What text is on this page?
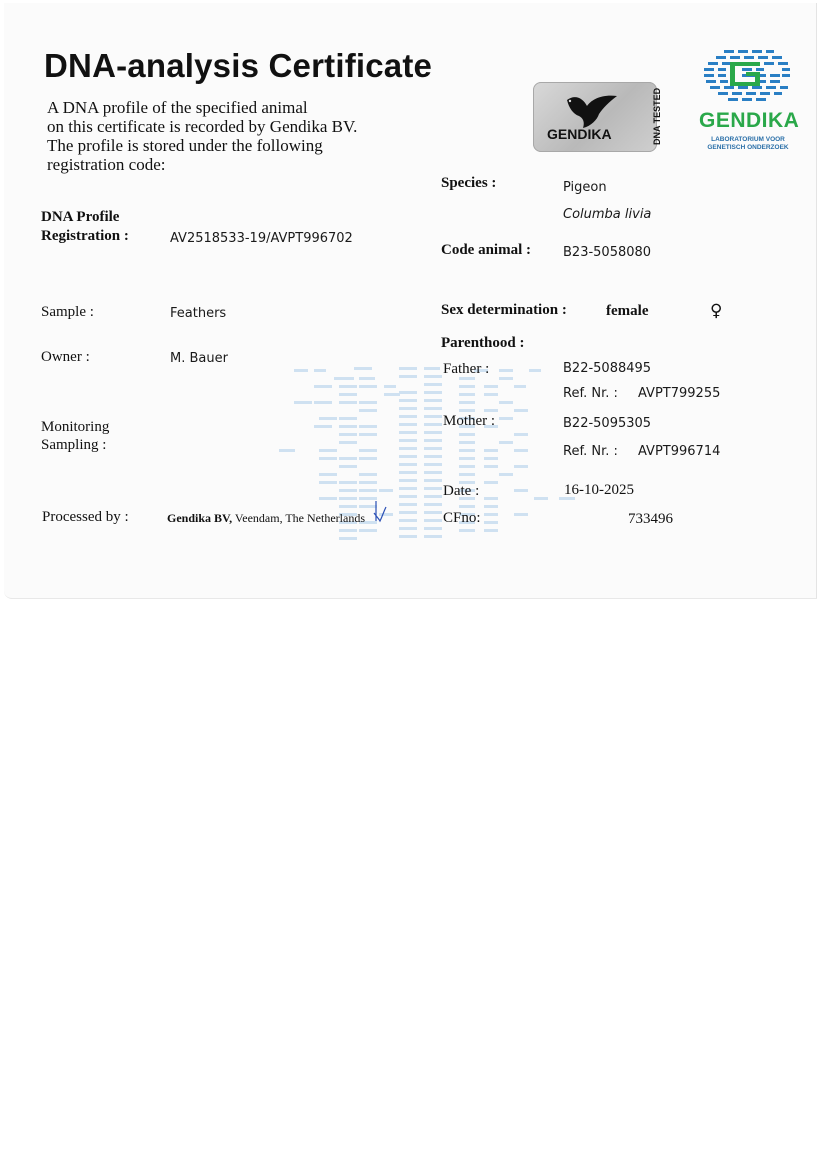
DNA-analysis Certificate
A DNA profile of the specified animal
on this certificate is recorded by Gendika BV.
The profile is stored under the following
registration code:
GENDIKA	DNA TESTED GENDIKA
LABORATORIUM VOOR
GENETISCH ONDERZOEK
DNA Profile
Registration :	AV2518533-19/AVPT996702
Sample :	Feathers
Owner :	M. Bauer
Monitoring
Sampling :
Processed by :	Gendika BV, Veendam, The Netherlands
Species :	Pigeon
Columba livia
Code animal : B23-5058080
Sex determination :	female	♀
Parenthood :
Father :	B22-5088495
Ref. Nr. : AVPT799255
Mother :	B22-5095305
Ref. Nr. : AVPT996714
Date :	16-10-2025
CFno:	733496
